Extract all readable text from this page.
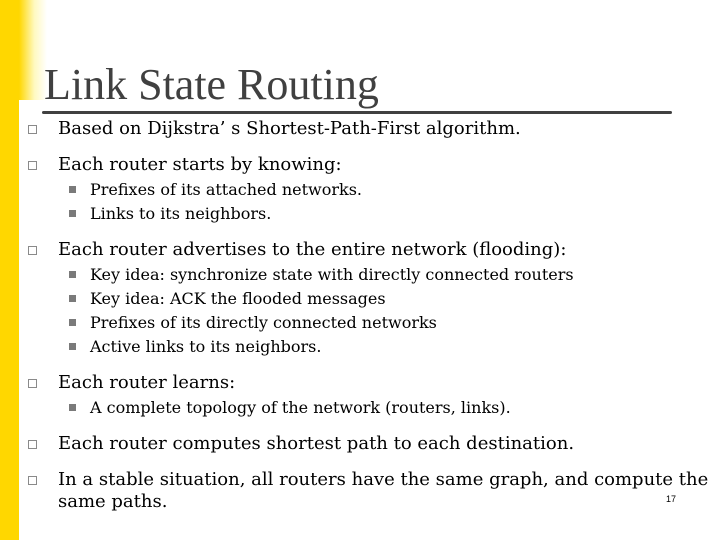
Link State Routing
Based on Dijkstra’ s Shortest-Path-First algorithm.
Each router starts by knowing:
Prefixes of its attached networks.
Links to its neighbors.
Each router advertises to the entire network (flooding):
Key idea: synchronize state with directly connected routers
Key idea: ACK the flooded messages
Prefixes of its directly connected networks
Active links to its neighbors.
Each router learns:
A complete topology of the network (routers, links).
Each router computes shortest path to each destination.
In a stable situation, all routers have the same graph, and compute the
same paths.	17
